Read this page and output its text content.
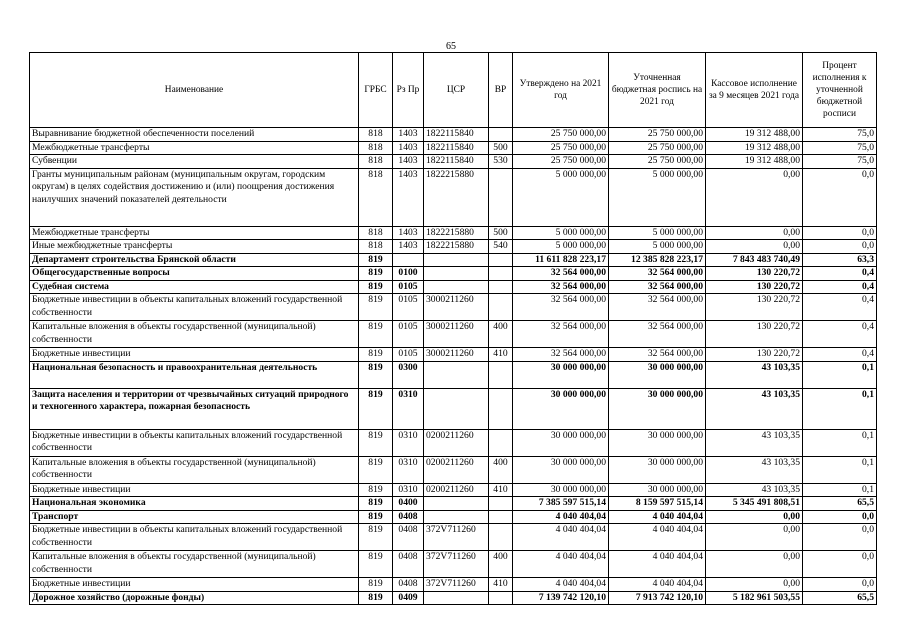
65
Наименование	ГРБС	Рз Пр	ЦСР	ВР	Утверждено на 2021 год	Уточненная бюджетная роспись на 2021 год	Кассовое исполнение за 9 месяцев 2021 года	Процент исполнения к уточненной бюджетной росписи
Выравнивание бюджетной обеспеченности поселений	818	1403	1822115840		25 750 000,00	25 750 000,00	19 312 488,00	75,0
Межбюджетные трансферты	818	1403	1822115840	500	25 750 000,00	25 750 000,00	19 312 488,00	75,0
Субвенции	818	1403	1822115840	530	25 750 000,00	25 750 000,00	19 312 488,00	75,0
Гранты муниципальным районам (муниципальным округам, городским округам) в целях содействия достижению и (или) поощрения достижения наилучших значений показателей деятельности	818	1403	1822215880		5 000 000,00	5 000 000,00	0,00	0,0
Межбюджетные трансферты	818	1403	1822215880	500	5 000 000,00	5 000 000,00	0,00	0,0
Иные межбюджетные трансферты	818	1403	1822215880	540	5 000 000,00	5 000 000,00	0,00	0,0
Департамент строительства Брянской области	819				11 611 828 223,17	12 385 828 223,17	7 843 483 740,49	63,3
Общегосударственные вопросы	819	0100			32 564 000,00	32 564 000,00	130 220,72	0,4
Судебная система	819	0105			32 564 000,00	32 564 000,00	130 220,72	0,4
Бюджетные инвестиции в объекты капитальных вложений государственной собственности	819	0105	3000211260		32 564 000,00	32 564 000,00	130 220,72	0,4
Капитальные вложения в объекты государственной (муниципальной) собственности	819	0105	3000211260	400	32 564 000,00	32 564 000,00	130 220,72	0,4
Бюджетные инвестиции	819	0105	3000211260	410	32 564 000,00	32 564 000,00	130 220,72	0,4
Национальная безопасность и правоохранительная деятельность	819	0300			30 000 000,00	30 000 000,00	43 103,35	0,1
Защита населения и территории от чрезвычайных ситуаций природного и техногенного характера, пожарная безопасность	819	0310			30 000 000,00	30 000 000,00	43 103,35	0,1
Бюджетные инвестиции в объекты капитальных вложений государственной собственности	819	0310	0200211260		30 000 000,00	30 000 000,00	43 103,35	0,1
Капитальные вложения в объекты государственной (муниципальной) собственности	819	0310	0200211260	400	30 000 000,00	30 000 000,00	43 103,35	0,1
Бюджетные инвестиции	819	0310	0200211260	410	30 000 000,00	30 000 000,00	43 103,35	0,1
Национальная экономика	819	0400			7 385 597 515,14	8 159 597 515,14	5 345 491 808,51	65,5
Транспорт	819	0408			4 040 404,04	4 040 404,04	0,00	0,0
Бюджетные инвестиции в объекты капитальных вложений государственной собственности	819	0408	372V711260		4 040 404,04	4 040 404,04	0,00	0,0
Капитальные вложения в объекты государственной (муниципальной) собственности	819	0408	372V711260	400	4 040 404,04	4 040 404,04	0,00	0,0
Бюджетные инвестиции	819	0408	372V711260	410	4 040 404,04	4 040 404,04	0,00	0,0
Дорожное хозяйство (дорожные фонды)	819	0409			7 139 742 120,10	7 913 742 120,10	5 182 961 503,55	65,5
